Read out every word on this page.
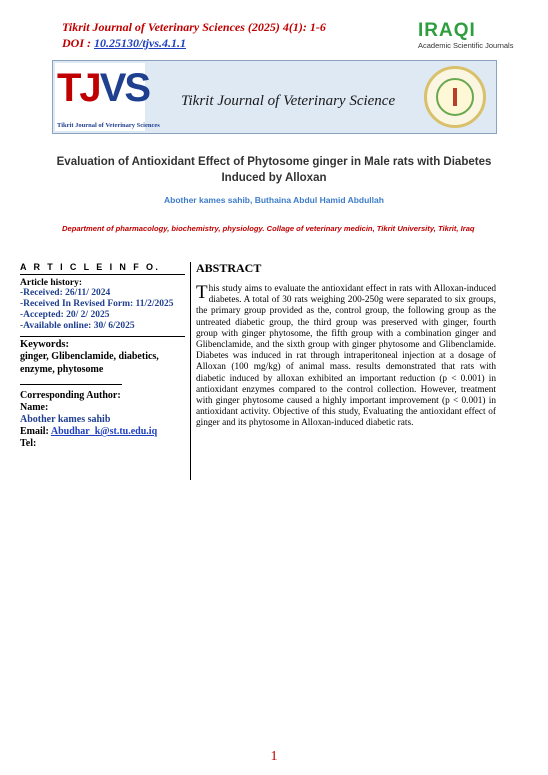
Tikrit Journal of Veterinary Sciences (2025) 4(1): 1-6
DOI : 10.25130/tjvs.4.1.1
IRAQI
Academic Scientific Journals
TJVS
Tikrit Journal of Veterinary Sciences
Tikrit Journal of Veterinary Science
Evaluation of Antioxidant Effect of Phytosome ginger in Male rats with Diabetes Induced by Alloxan
Abother kames sahib, Buthaina Abdul Hamid Abdullah
Department of pharmacology, biochemistry, physiology. Collage of veterinary medicin, Tikrit University, Tikrit, Iraq
A R T I C L E I N F O.
Article history:
-Received: 26/11/ 2024
-Received In Revised Form: 11/2/2025
-Accepted: 20/ 2/ 2025
-Available online: 30/ 6/2025
Keywords:
ginger, Glibenclamide, diabetics, enzyme, phytosome
Corresponding Author:
Name:
Abother kames sahib
Email: Abudhar_k@st.tu.edu.iq
Tel:
ABSTRACT
This study aims to evaluate the antioxidant effect in rats with Alloxan-induced diabetes. A total of 30 rats weighing 200-250g were separated to six groups, the primary group provided as the, control group, the following group as the untreated diabetic group, the third group was preserved with ginger, fourth group with ginger phytosome, the fifth group with a combination ginger and Glibenclamide, and the sixth group with ginger phytosome and Glibenclamide. Diabetes was induced in rat through intraperitoneal injection at a dosage of Alloxan (100 mg/kg) of animal mass. results demonstrated that rats with diabetic induced by alloxan exhibited an important reduction (p < 0.001) in antioxidant enzymes compared to the control collection. However, treatment with ginger phytosome caused a highly important improvement (p < 0.001) in antioxidant activity. Objective of this study, Evaluating the antioxidant effect of ginger and its phytosome in Alloxan-induced diabetic rats.
1
